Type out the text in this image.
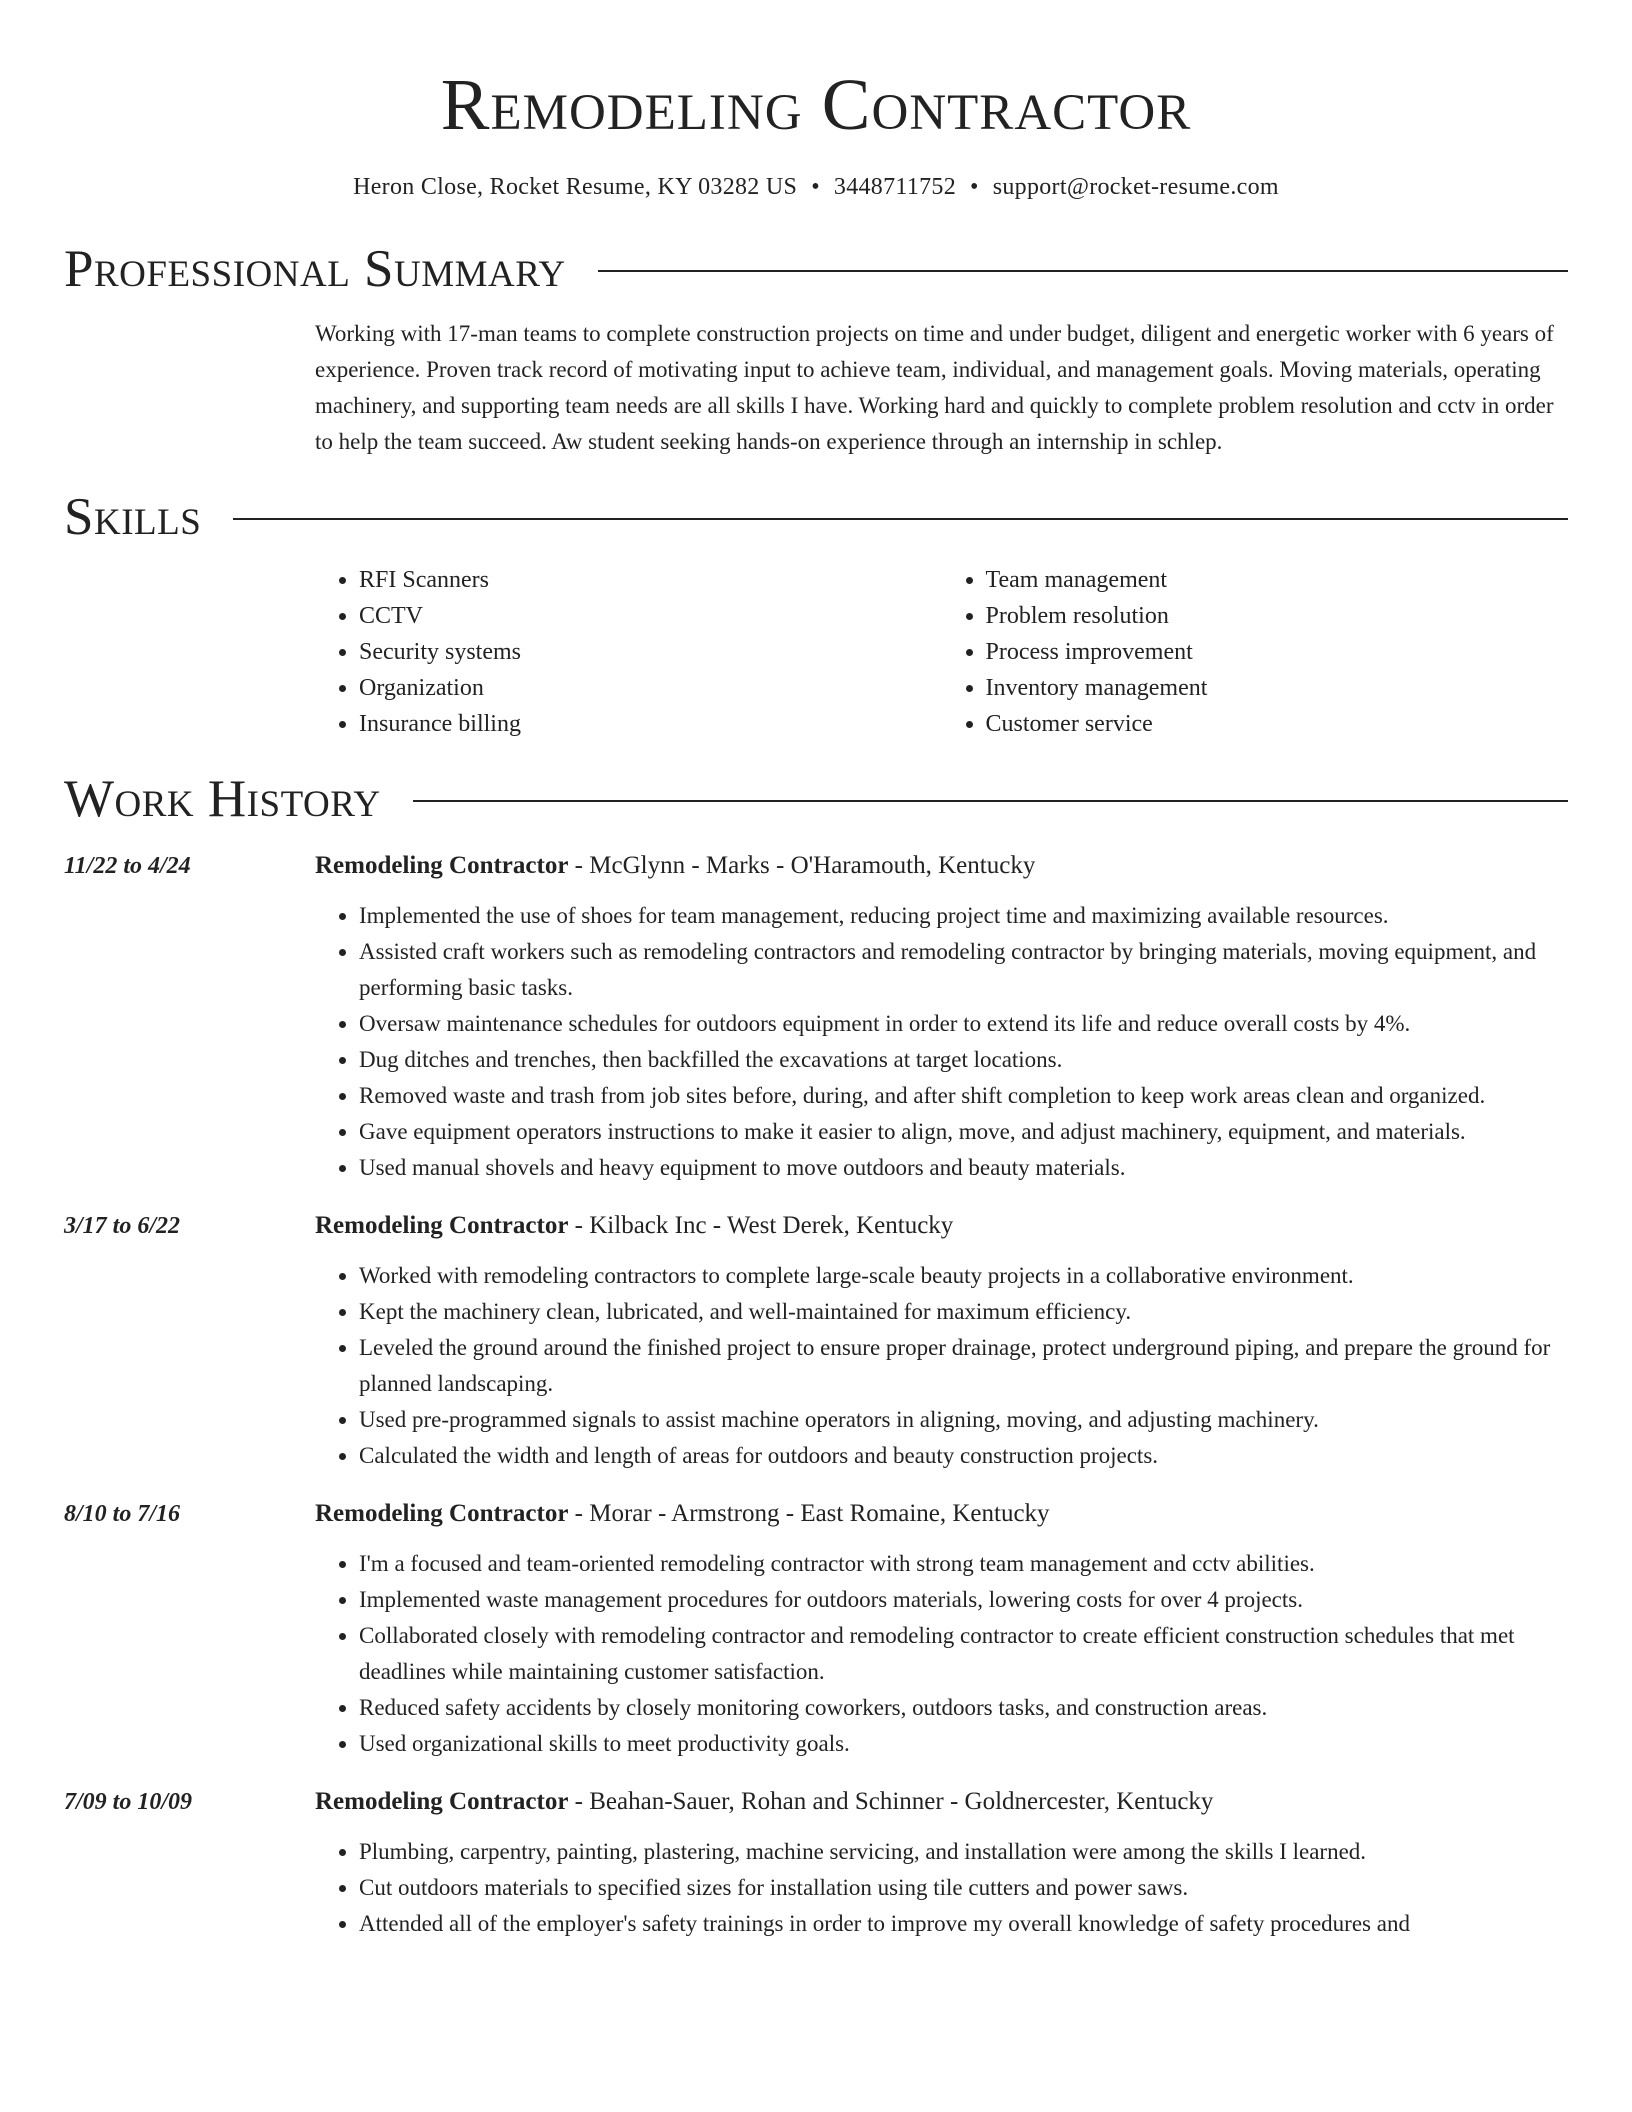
Remodeling Contractor
Heron Close, Rocket Resume, KY 03282 US • 3448711752 • support@rocket-resume.com
Professional Summary
Working with 17-man teams to complete construction projects on time and under budget, diligent and energetic worker with 6 years of experience. Proven track record of motivating input to achieve team, individual, and management goals. Moving materials, operating machinery, and supporting team needs are all skills I have. Working hard and quickly to complete problem resolution and cctv in order to help the team succeed. Aw student seeking hands-on experience through an internship in schlep.
Skills
• RFI Scanners
• CCTV
• Security systems
• Organization
• Insurance billing
• Team management
• Problem resolution
• Process improvement
• Inventory management
• Customer service
Work History
11/22 to 4/24	Remodeling Contractor - McGlynn - Marks - O'Haramouth, Kentucky
• Implemented the use of shoes for team management, reducing project time and maximizing available resources.
• Assisted craft workers such as remodeling contractors and remodeling contractor by bringing materials, moving equipment, and performing basic tasks.
• Oversaw maintenance schedules for outdoors equipment in order to extend its life and reduce overall costs by 4%.
• Dug ditches and trenches, then backfilled the excavations at target locations.
• Removed waste and trash from job sites before, during, and after shift completion to keep work areas clean and organized.
• Gave equipment operators instructions to make it easier to align, move, and adjust machinery, equipment, and materials.
• Used manual shovels and heavy equipment to move outdoors and beauty materials.
3/17 to 6/22	Remodeling Contractor - Kilback Inc - West Derek, Kentucky
• Worked with remodeling contractors to complete large-scale beauty projects in a collaborative environment.
• Kept the machinery clean, lubricated, and well-maintained for maximum efficiency.
• Leveled the ground around the finished project to ensure proper drainage, protect underground piping, and prepare the ground for planned landscaping.
• Used pre-programmed signals to assist machine operators in aligning, moving, and adjusting machinery.
• Calculated the width and length of areas for outdoors and beauty construction projects.
8/10 to 7/16	Remodeling Contractor - Morar - Armstrong - East Romaine, Kentucky
• I'm a focused and team-oriented remodeling contractor with strong team management and cctv abilities.
• Implemented waste management procedures for outdoors materials, lowering costs for over 4 projects.
• Collaborated closely with remodeling contractor and remodeling contractor to create efficient construction schedules that met deadlines while maintaining customer satisfaction.
• Reduced safety accidents by closely monitoring coworkers, outdoors tasks, and construction areas.
• Used organizational skills to meet productivity goals.
7/09 to 10/09	Remodeling Contractor - Beahan-Sauer, Rohan and Schinner - Goldnercester, Kentucky
• Plumbing, carpentry, painting, plastering, machine servicing, and installation were among the skills I learned.
• Cut outdoors materials to specified sizes for installation using tile cutters and power saws.
• Attended all of the employer's safety trainings in order to improve my overall knowledge of safety procedures and
